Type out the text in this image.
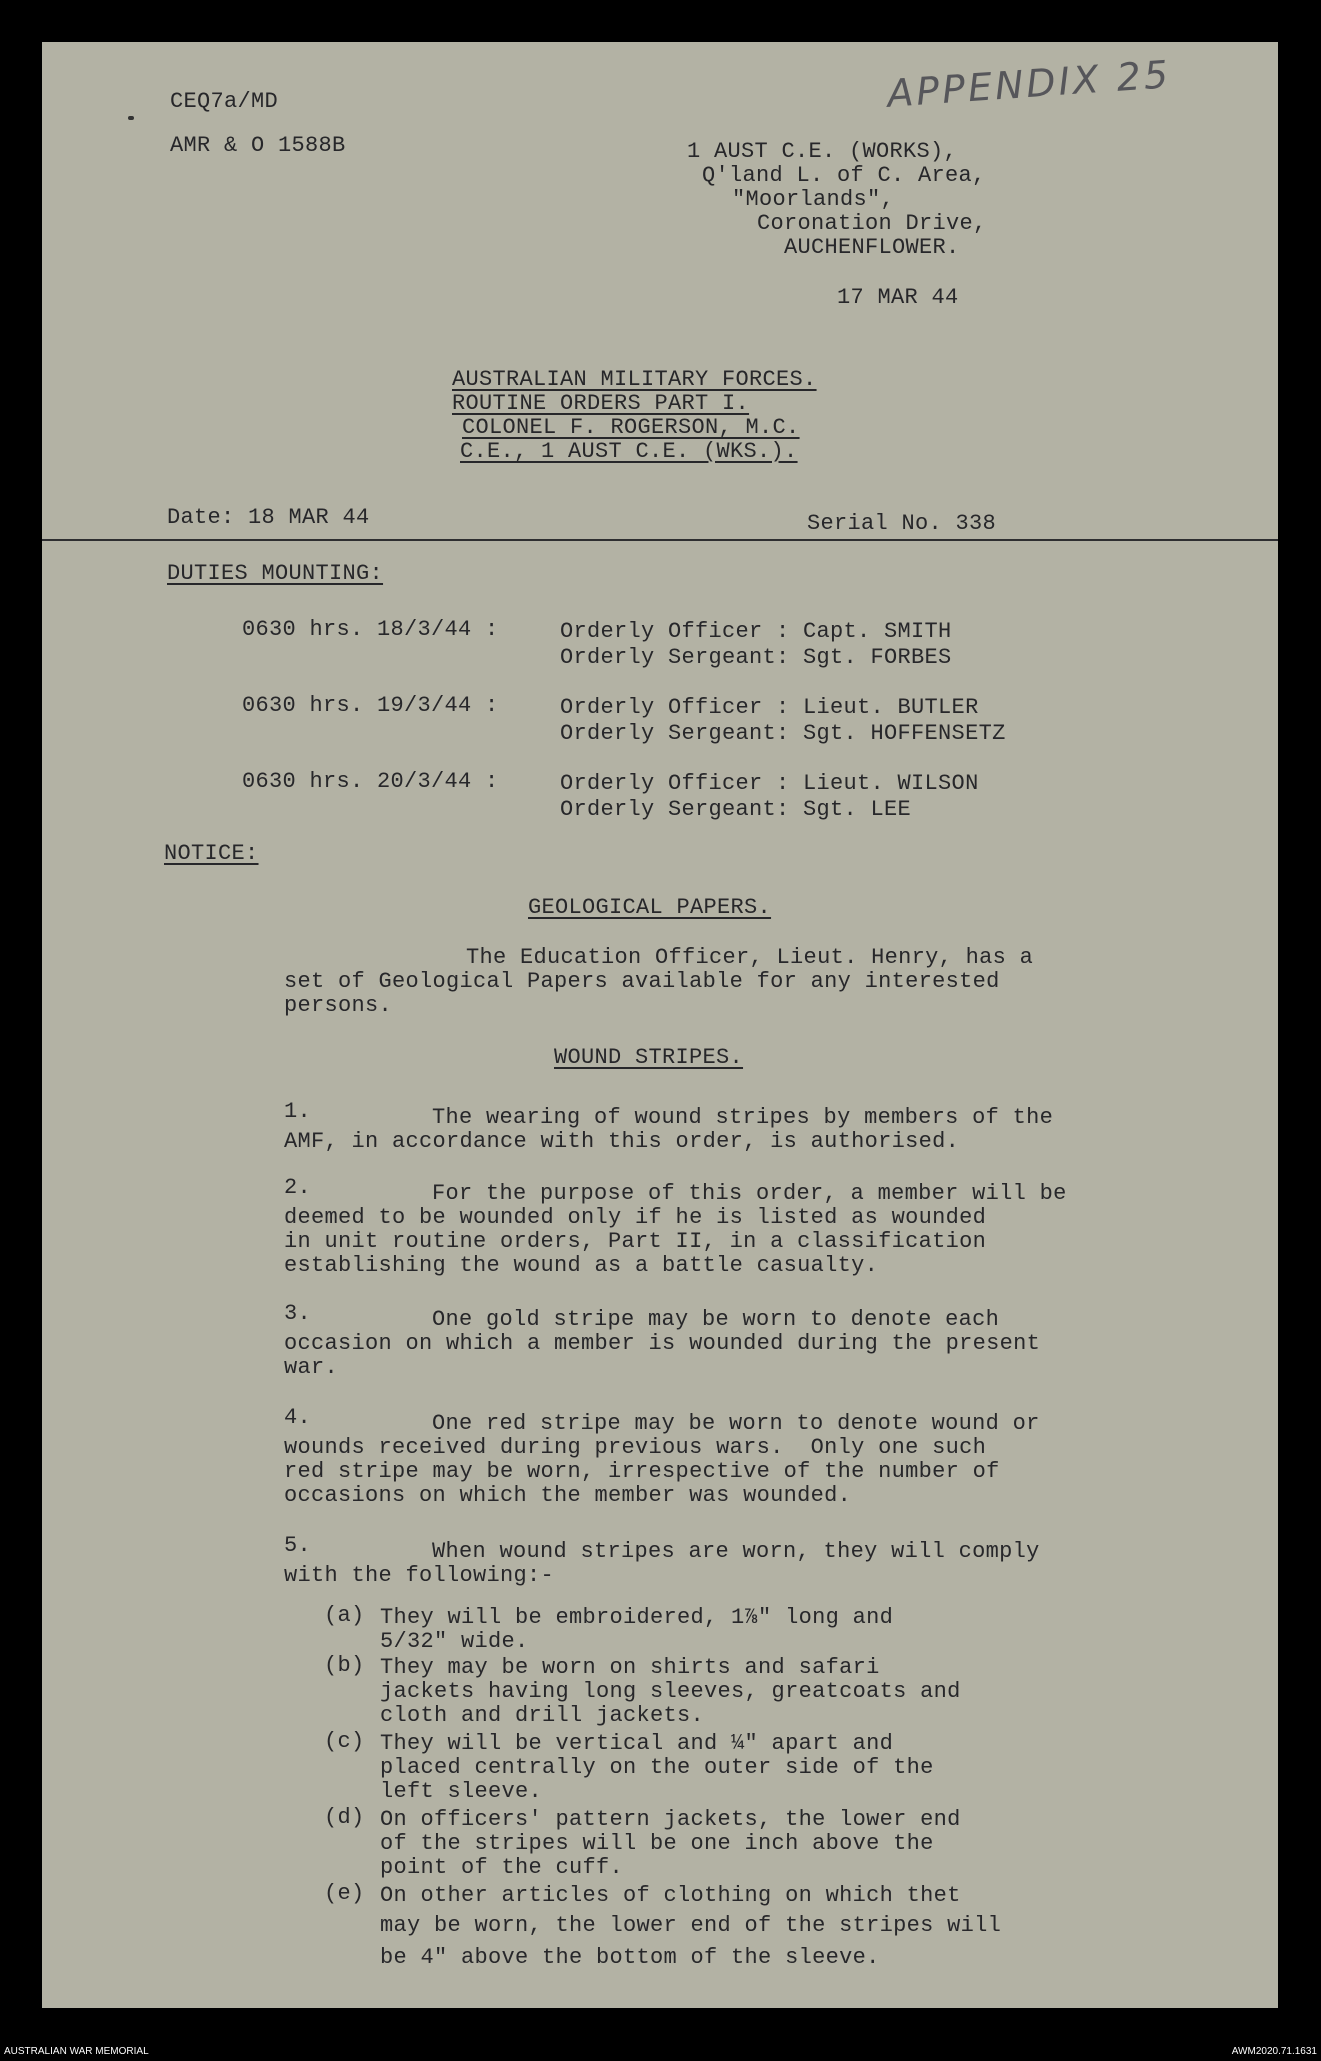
APPENDIX 25
CEQ7a/MD
AMR & O 1588B	1 AUST C.E. (WORKS),
Q'land L. of C. Area,
"Moorlands",
Coronation Drive,
AUCHENFLOWER.
17 MAR 44
AUSTRALIAN MILITARY FORCES.
ROUTINE ORDERS PART I.
COLONEL F. ROGERSON, M.C.
C.E., 1 AUST C.E. (WKS.).
Date: 18 MAR 44	Serial No. 338
DUTIES MOUNTING:
0630 hrs. 18/3/44 :	Orderly Officer : Capt. SMITH
Orderly Sergeant: Sgt. FORBES
0630 hrs. 19/3/44 :	Orderly Officer : Lieut. BUTLER
Orderly Sergeant: Sgt. HOFFENSETZ
0630 hrs. 20/3/44 :	Orderly Officer : Lieut. WILSON
Orderly Sergeant: Sgt. LEE
NOTICE:
GEOLOGICAL PAPERS.
The Education Officer, Lieut. Henry, has a
set of Geological Papers available for any interested
persons.
WOUND STRIPES.
1.	The wearing of wound stripes by members of the
AMF, in accordance with this order, is authorised.
2.	For the purpose of this order, a member will be
deemed to be wounded only if he is listed as wounded
in unit routine orders, Part II, in a classification
establishing the wound as a battle casualty.
3.	One gold stripe may be worn to denote each
occasion on which a member is wounded during the present
war.
4.	One red stripe may be worn to denote wound or
wounds received during previous wars.  Only one such
red stripe may be worn, irrespective of the number of
occasions on which the member was wounded.
5.	When wound stripes are worn, they will comply
with the following:-
(a) They will be embroidered, 1⅞" long and
5/32" wide.
(b) They may be worn on shirts and safari
jackets having long sleeves, greatcoats and
cloth and drill jackets.
(c) They will be vertical and ¼" apart and
placed centrally on the outer side of the
left sleeve.
(d) On officers' pattern jackets, the lower end
of the stripes will be one inch above the
point of the cuff.
(e) On other articles of clothing on which thet
may be worn, the lower end of the stripes will
be 4" above the bottom of the sleeve.
AUSTRALIAN WAR MEMORIAL	AWM2020.71.1631
